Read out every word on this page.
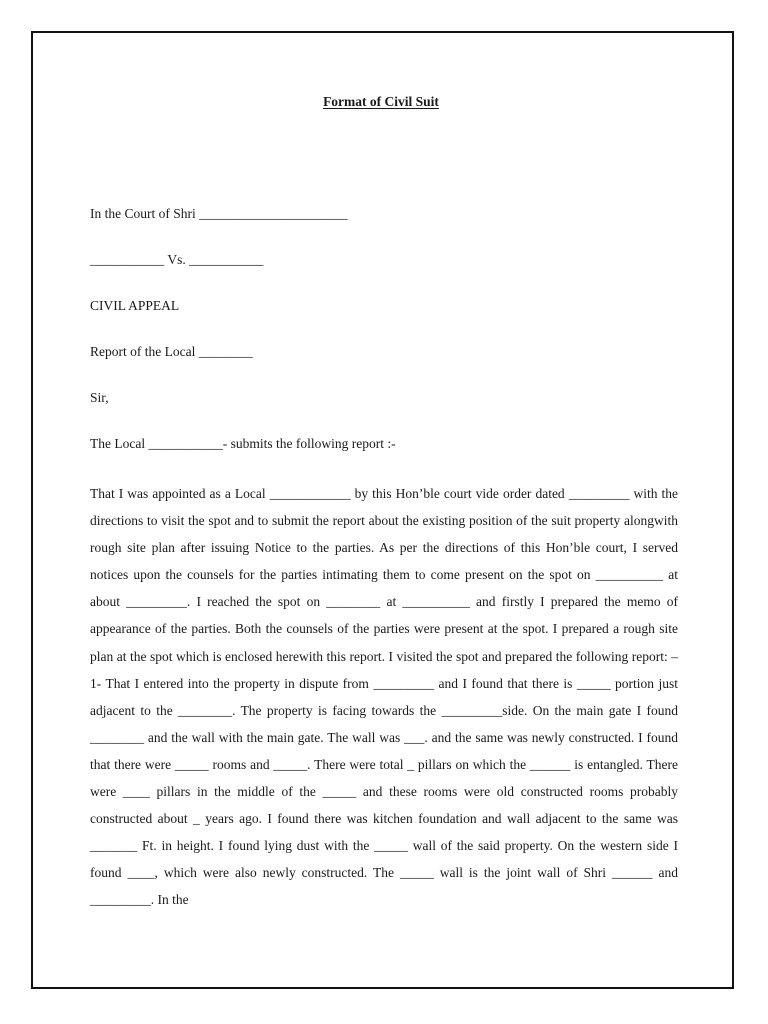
Format of Civil Suit
In the Court of Shri ______________________
___________ Vs. ___________
CIVIL APPEAL
Report of the Local ________
Sir,
The Local ___________- submits the following report :-

That I was appointed as a Local ____________ by this Hon’ble court vide order dated _________ with the directions to visit the spot and to submit the report about the existing position of the suit property alongwith rough site plan after issuing Notice to the parties. As per the directions of this Hon’ble court, I served notices upon the counsels for the parties intimating them to come present on the spot on __________ at about _________. I reached the spot on ________ at __________ and firstly I prepared the memo of appearance of the parties. Both the counsels of the parties were present at the spot. I prepared a rough site plan at the spot which is enclosed herewith this report. I visited the spot and prepared the following report: – 1- That I entered into the property in dispute from _________ and I found that there is _____ portion just adjacent to the ________. The property is facing towards the _________side. On the main gate I found ________ and the wall with the main gate. The wall was ___. and the same was newly constructed. I found that there were _____ rooms and _____. There were total _ pillars on which the ______ is entangled. There were ____ pillars in the middle of the _____ and these rooms were old constructed rooms probably constructed about _ years ago. I found there was kitchen foundation and wall adjacent to the same was _______ Ft. in height. I found lying dust with the _____ wall of the said property. On the western side I found ____, which were also newly constructed. The _____ wall is the joint wall of Shri ______ and _________. In the
